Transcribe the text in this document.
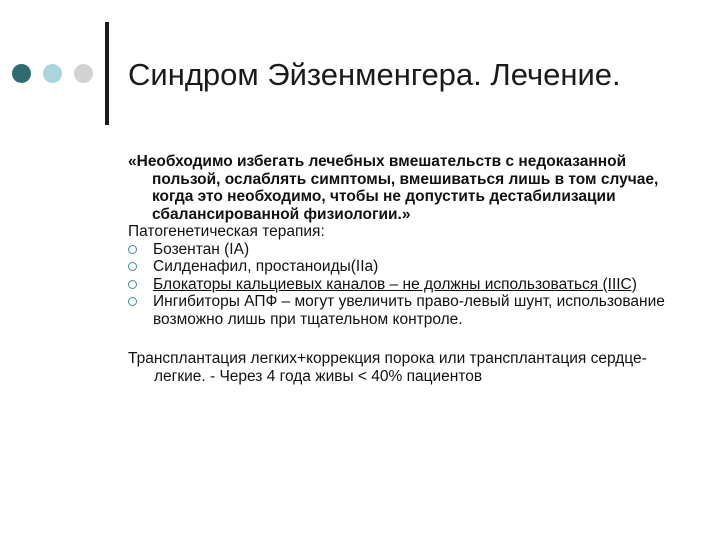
Синдром Эйзенменгера. Лечение.

«Необходимо избегать лечебных вмешательств с недоказанной пользой, ослаблять симптомы, вмешиваться лишь в том случае, когда это необходимо, чтобы не допустить дестабилизации сбалансированной физиологии.»

Патогенетическая терапия:

Бозентан (IA)
Силденафил, простаноиды(IIa)
Блокаторы кальциевых каналов – не должны использоваться (IIIC)
Ингибиторы АПФ – могут увеличить право-левый шунт, использование возможно лишь при тщательном контроле.

Трансплантация легких+коррекция порока или трансплантация сердце-легкие. - Через 4 года живы < 40% пациентов
